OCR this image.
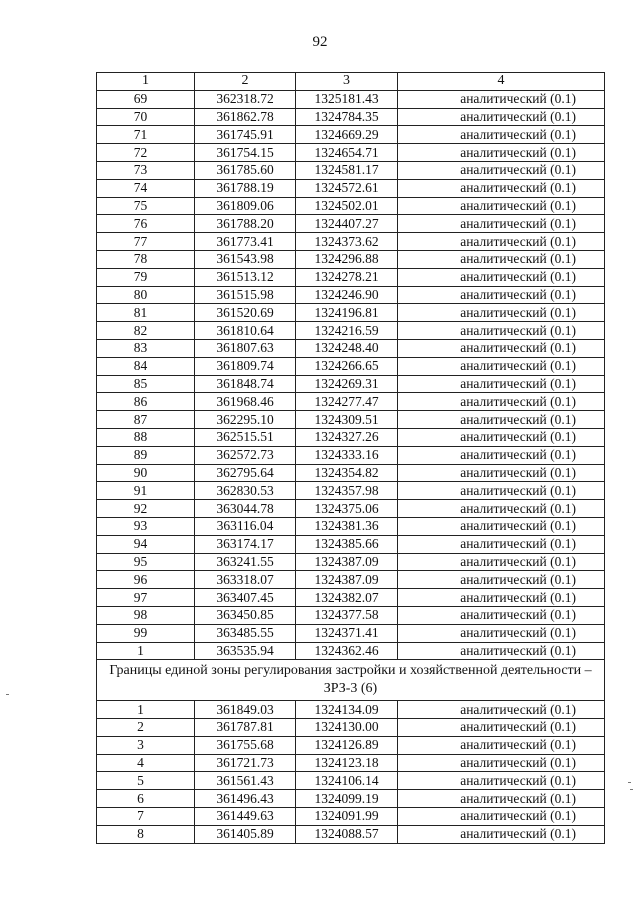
92
1	2	3	4
69	362318.72	1325181.43	аналитический (0.1)
70	361862.78	1324784.35	аналитический (0.1)
71	361745.91	1324669.29	аналитический (0.1)
72	361754.15	1324654.71	аналитический (0.1)
73	361785.60	1324581.17	аналитический (0.1)
74	361788.19	1324572.61	аналитический (0.1)
75	361809.06	1324502.01	аналитический (0.1)
76	361788.20	1324407.27	аналитический (0.1)
77	361773.41	1324373.62	аналитический (0.1)
78	361543.98	1324296.88	аналитический (0.1)
79	361513.12	1324278.21	аналитический (0.1)
80	361515.98	1324246.90	аналитический (0.1)
81	361520.69	1324196.81	аналитический (0.1)
82	361810.64	1324216.59	аналитический (0.1)
83	361807.63	1324248.40	аналитический (0.1)
84	361809.74	1324266.65	аналитический (0.1)
85	361848.74	1324269.31	аналитический (0.1)
86	361968.46	1324277.47	аналитический (0.1)
87	362295.10	1324309.51	аналитический (0.1)
88	362515.51	1324327.26	аналитический (0.1)
89	362572.73	1324333.16	аналитический (0.1)
90	362795.64	1324354.82	аналитический (0.1)
91	362830.53	1324357.98	аналитический (0.1)
92	363044.78	1324375.06	аналитический (0.1)
93	363116.04	1324381.36	аналитический (0.1)
94	363174.17	1324385.66	аналитический (0.1)
95	363241.55	1324387.09	аналитический (0.1)
96	363318.07	1324387.09	аналитический (0.1)
97	363407.45	1324382.07	аналитический (0.1)
98	363450.85	1324377.58	аналитический (0.1)
99	363485.55	1324371.41	аналитический (0.1)
1	363535.94	1324362.46	аналитический (0.1)
Границы единой зоны регулирования застройки и хозяйственной деятельности – ЗРЗ-3 (6)			
1	361849.03	1324134.09	аналитический (0.1)
2	361787.81	1324130.00	аналитический (0.1)
3	361755.68	1324126.89	аналитический (0.1)
4	361721.73	1324123.18	аналитический (0.1)
5	361561.43	1324106.14	аналитический (0.1)
6	361496.43	1324099.19	аналитический (0.1)
7	361449.63	1324091.99	аналитический (0.1)
8	361405.89	1324088.57	аналитический (0.1)
